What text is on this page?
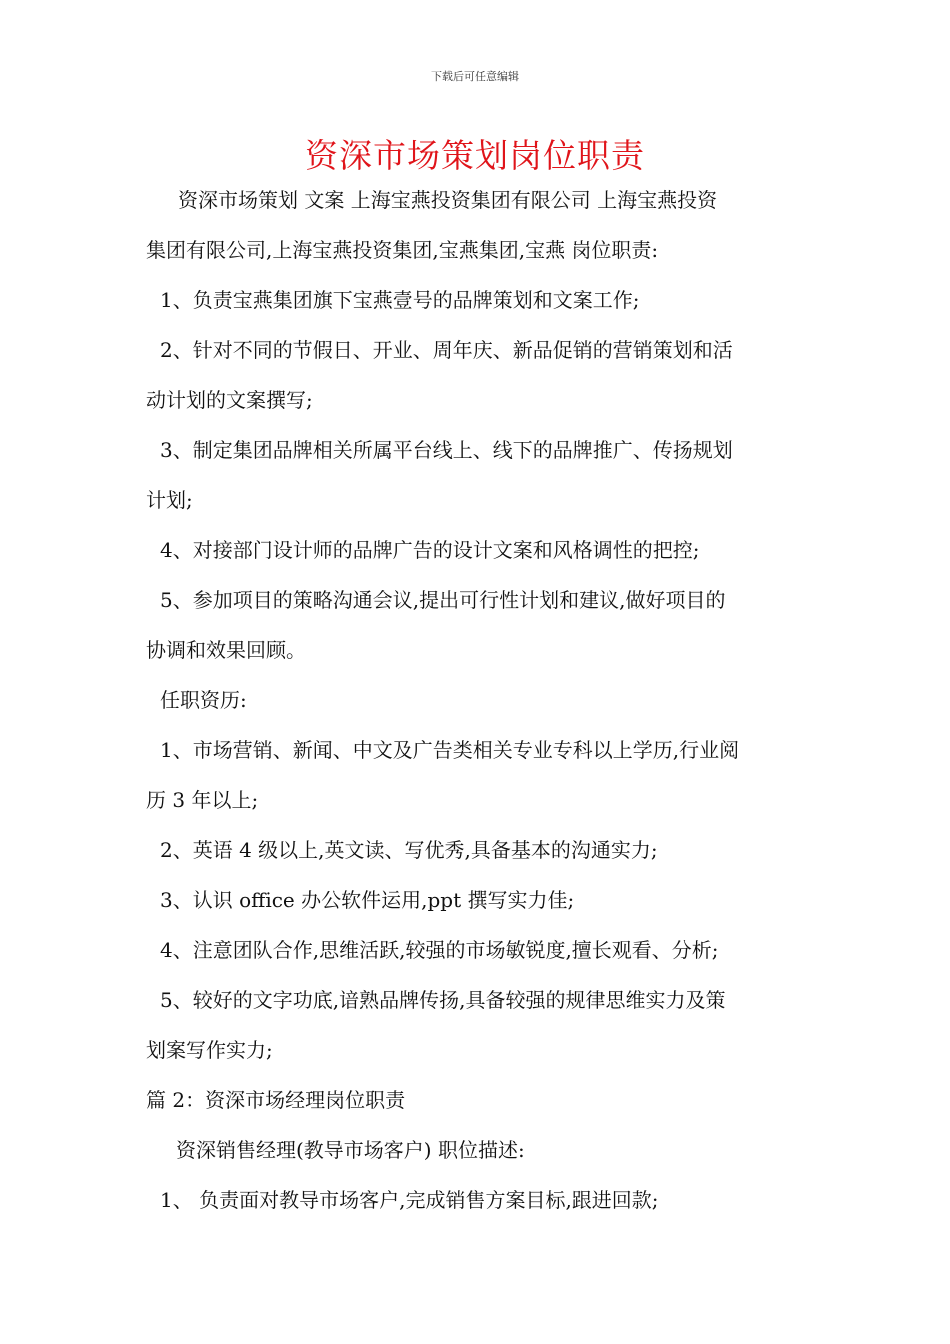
下载后可任意编辑
资深市场策划岗位职责
资深市场策划 文案 上海宝燕投资集团有限公司 上海宝燕投资
集团有限公司,上海宝燕投资集团,宝燕集团,宝燕 岗位职责:
1、负责宝燕集团旗下宝燕壹号的品牌策划和文案工作;
2、针对不同的节假日、开业、周年庆、新品促销的营销策划和活
动计划的文案撰写;
3、制定集团品牌相关所属平台线上、线下的品牌推广、传扬规划
计划;
4、对接部门设计师的品牌广告的设计文案和风格调性的把控;
5、参加项目的策略沟通会议,提出可行性计划和建议,做好项目的
协调和效果回顾。
任职资历:
1、市场营销、新闻、中文及广告类相关专业专科以上学历,行业阅
历 3 年以上;
2、英语 4 级以上,英文读、写优秀,具备基本的沟通实力;
3、认识 office 办公软件运用,ppt 撰写实力佳;
4、注意团队合作,思维活跃,较强的市场敏锐度,擅长观看、分析;
5、较好的文字功底,谙熟品牌传扬,具备较强的规律思维实力及策
划案写作实力;
篇 2：资深市场经理岗位职责
资深销售经理(教导市场客户) 职位描述:
1、 负责面对教导市场客户,完成销售方案目标,跟进回款;
